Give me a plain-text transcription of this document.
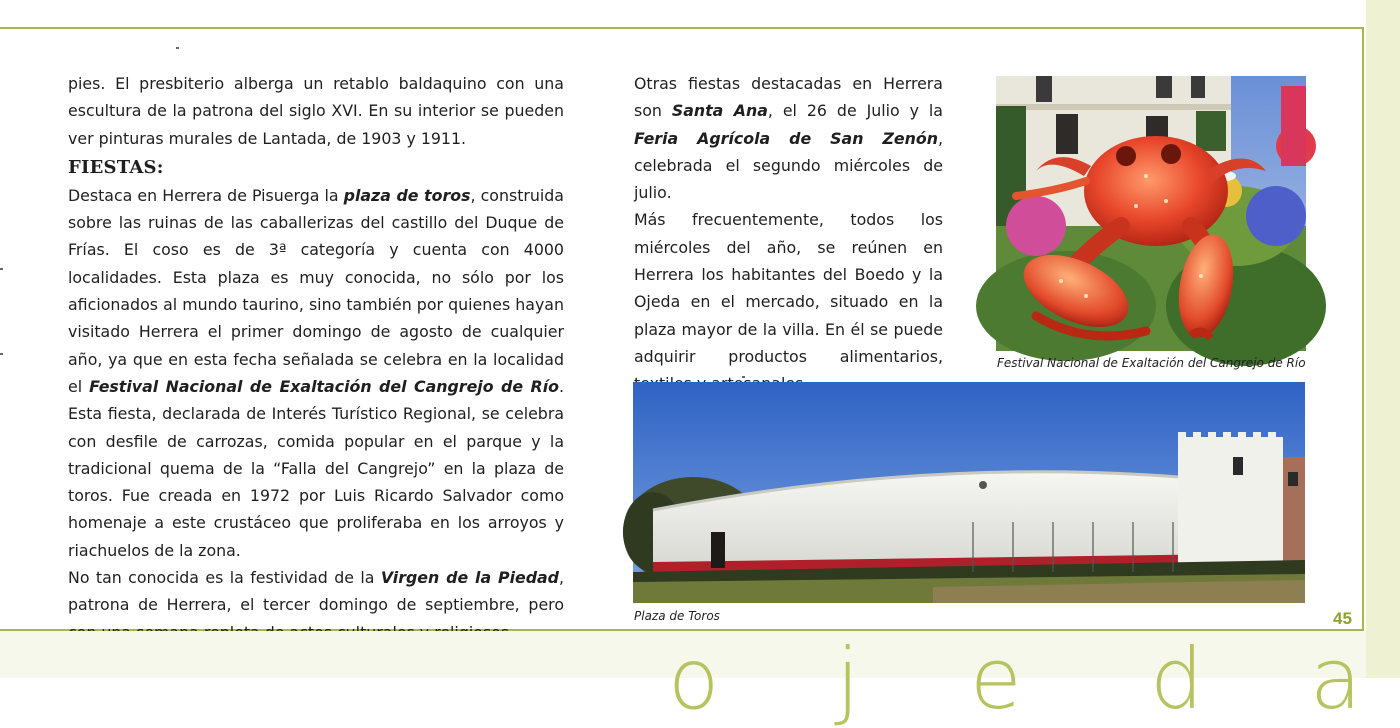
pies. El presbiterio alberga un retablo baldaquino con una escultura de la patrona del siglo XVI. En su interior se pueden ver pinturas murales de Lantada, de 1903 y 1911.

FIESTAS:

Destaca en Herrera de Pisuerga la plaza de toros, construida sobre las ruinas de las caballerizas del castillo del Duque de Frías. El coso es de 3ª categoría y cuenta con 4000 localidades. Esta plaza es muy conocida, no sólo por los aficionados al mundo taurino, sino también por quienes hayan visitado Herrera el primer domingo de agosto de cualquier año, ya que en esta fecha señalada se celebra en la localidad el Festival Nacional de Exaltación del Cangrejo de Río. Esta fiesta, declarada de Interés Turístico Regional, se celebra con desfile de carrozas, comida popular en el parque y la tradicional quema de la “Falla del Cangrejo” en la plaza de toros. Fue creada en 1972 por Luis Ricardo Salvador como homenaje a este crustáceo que proliferaba en los arroyos y riachuelos de la zona.

No tan conocida es la festividad de la Virgen de la Piedad, patrona de Herrera, el tercer domingo de septiembre, pero

Otras fiestas destacadas en Herrera son Santa Ana, el 26 de Julio y la Feria Agrícola de San Zenón, celebrada el segundo miércoles de julio.

Más frecuentemente, todos los miércoles del año, se reúnen en Herrera los habitantes del Boedo y la Ojeda en el mercado, situado en la plaza mayor de la villa. En él se puede adquirir productos alimentarios,	Festival Nacional de Exaltación del Cangrejo de Río
Plaza de Toros	45
o j e d a
